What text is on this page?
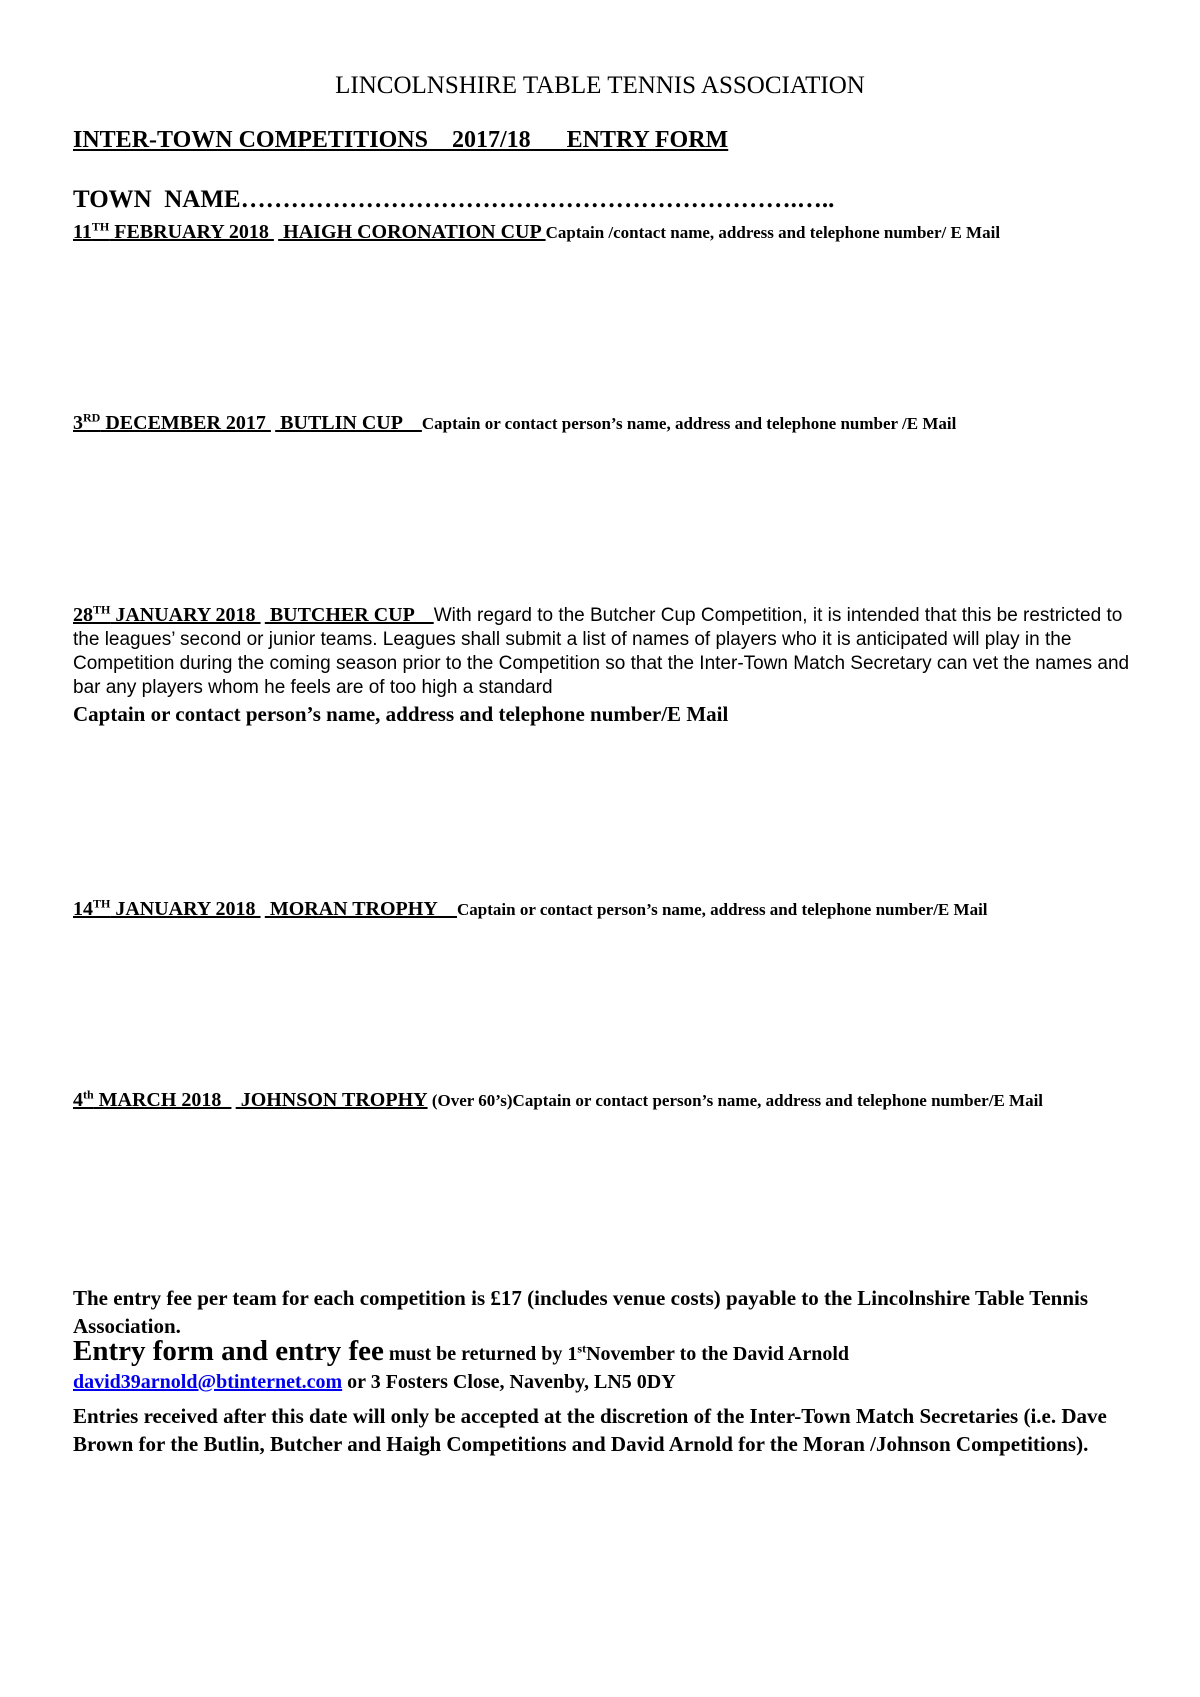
LINCOLNSHIRE TABLE TENNIS ASSOCIATION
INTER-TOWN COMPETITIONS    2017/18      ENTRY FORM
TOWN  NAME………………………………………………………….…..
11TH FEBRUARY 2018   HAIGH CORONATION CUP Captain /contact name, address and telephone number/ E Mail
3RD DECEMBER 2017   BUTLIN CUP    Captain or contact person’s name, address and telephone number /E Mail
28TH JANUARY 2018   BUTCHER CUP    With regard to the Butcher Cup Competition, it is intended that this be restricted to the leagues’ second or junior teams. Leagues shall submit a list of names of players who it is anticipated will play in the Competition during the coming season prior to the Competition so that the Inter-Town Match Secretary can vet the names and bar any players whom he feels are of too high a standard
Captain or contact person’s name, address and telephone number/E Mail
14TH JANUARY 2018   MORAN TROPHY    Captain or contact person’s name, address and telephone number/E Mail
4th MARCH 2018    JOHNSON TROPHY (Over 60’s)Captain or contact person’s name, address and telephone number/E Mail
The entry fee per team for each competition is £17 (includes venue costs) payable to the Lincolnshire Table Tennis Association.
Entry form and entry fee must be returned by 1stNovember to the David Arnold
david39arnold@btinternet.com or 3 Fosters Close, Navenby, LN5 0DY
Entries received after this date will only be accepted at the discretion of the Inter-Town Match Secretaries (i.e. Dave Brown for the Butlin, Butcher and Haigh Competitions and David Arnold for the Moran /Johnson Competitions).
